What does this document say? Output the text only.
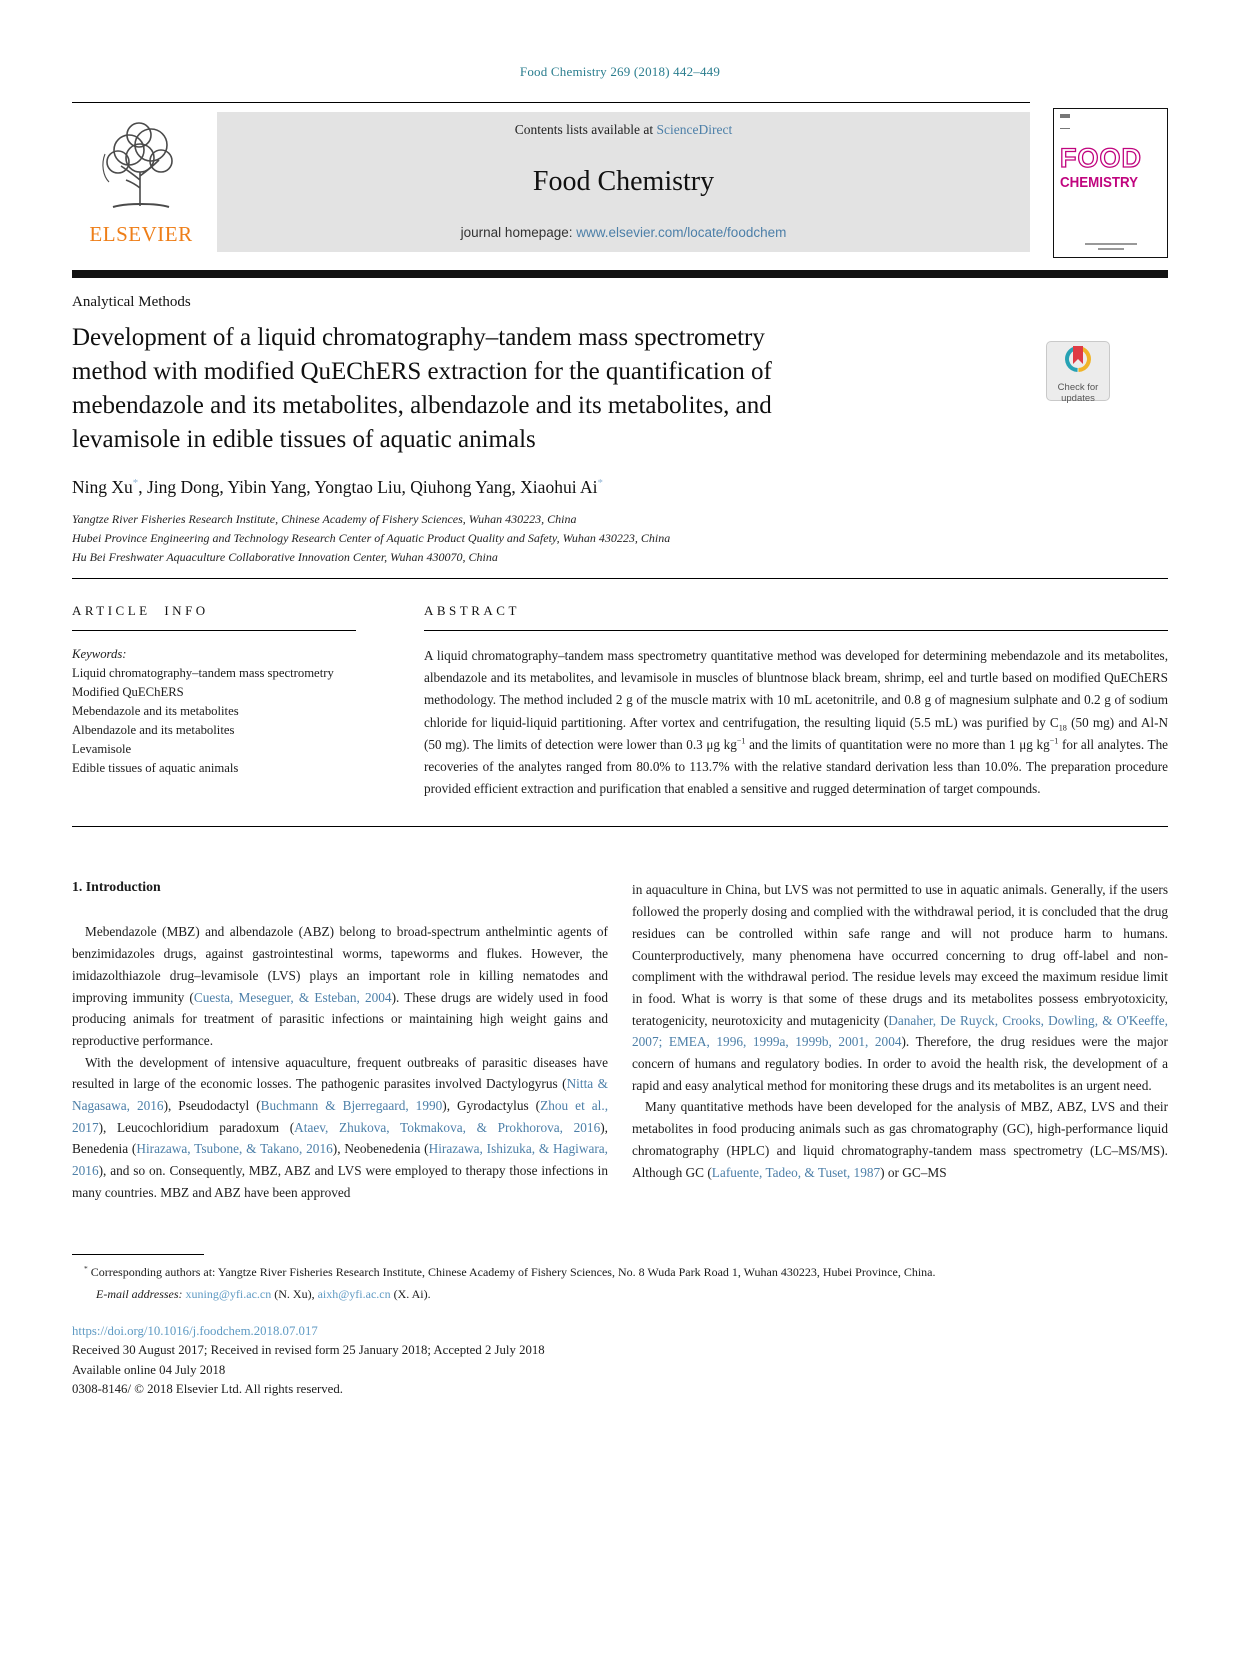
Food Chemistry 269 (2018) 442–449
ELSEVIER
Contents lists available at ScienceDirect
Food Chemistry
journal homepage: www.elsevier.com/locate/foodchem
FOOD
CHEMISTRY
Analytical Methods
Development of a liquid chromatography–tandem mass spectrometry
method with modified QuEChERS extraction for the quantification of
mebendazole and its metabolites, albendazole and its metabolites, and
levamisole in edible tissues of aquatic animals
Check for
updates
Ning Xu*, Jing Dong, Yibin Yang, Yongtao Liu, Qiuhong Yang, Xiaohui Ai*
Yangtze River Fisheries Research Institute, Chinese Academy of Fishery Sciences, Wuhan 430223, China
Hubei Province Engineering and Technology Research Center of Aquatic Product Quality and Safety, Wuhan 430223, China
Hu Bei Freshwater Aquaculture Collaborative Innovation Center, Wuhan 430070, China
ARTICLE INFO
Keywords:
Liquid chromatography–tandem mass spectrometry
Modified QuEChERS
Mebendazole and its metabolites
Albendazole and its metabolites
Levamisole
Edible tissues of aquatic animals
ABSTRACT
A liquid chromatography–tandem mass spectrometry quantitative method was developed for determining mebendazole and its metabolites, albendazole and its metabolites, and levamisole in muscles of bluntnose black bream, shrimp, eel and turtle based on modified QuEChERS methodology. The method included 2 g of the muscle matrix with 10 mL acetonitrile, and 0.8 g of magnesium sulphate and 0.2 g of sodium chloride for liquid-liquid partitioning. After vortex and centrifugation, the resulting liquid (5.5 mL) was purified by $C_{18}$ (50 mg) and Al-N (50 mg). The limits of detection were lower than 0.3 μg $kg^{-1}$ and the limits of quantitation were no more than 1 μg $kg^{-1}$ for all analytes. The recoveries of the analytes ranged from 80.0% to 113.7% with the relative standard derivation less than 10.0%. The preparation procedure provided efficient extraction and purification that enabled a sensitive and rugged determination of target compounds.
1. Introduction

Mebendazole (MBZ) and albendazole (ABZ) belong to broad-spectrum anthelmintic agents of benzimidazoles drugs, against gastrointestinal worms, tapeworms and flukes. However, the imidazolthiazole drug–levamisole (LVS) plays an important role in killing nematodes and improving immunity (Cuesta, Meseguer, & Esteban, 2004). These drugs are widely used in food producing animals for treatment of parasitic infections or maintaining high weight gains and reproductive performance.

With the development of intensive aquaculture, frequent outbreaks of parasitic diseases have resulted in large of the economic losses. The pathogenic parasites involved Dactylogyrus (Nitta & Nagasawa, 2016), Pseudodactyl (Buchmann & Bjerregaard, 1990), Gyrodactylus (Zhou et al., 2017), Leucochloridium paradoxum (Ataev, Zhukova, Tokmakova, & Prokhorova, 2016), Benedenia (Hirazawa, Tsubone, & Takano, 2016), Neobenedenia (Hirazawa, Ishizuka, & Hagiwara, 2016), and so on. Consequently, MBZ, ABZ and LVS were employed to therapy those infections in many countries. MBZ and ABZ have been approved

in aquaculture in China, but LVS was not permitted to use in aquatic animals. Generally, if the users followed the properly dosing and complied with the withdrawal period, it is concluded that the drug residues can be controlled within safe range and will not produce harm to humans. Counterproductively, many phenomena have occurred concerning to drug off-label and non-compliment with the withdrawal period. The residue levels may exceed the maximum residue limit in food. What is worry is that some of these drugs and its metabolites possess embryotoxicity, teratogenicity, neurotoxicity and mutagenicity (Danaher, De Ruyck, Crooks, Dowling, & O'Keeffe, 2007; EMEA, 1996, 1999a, 1999b, 2001, 2004). Therefore, the drug residues were the major concern of humans and regulatory bodies. In order to avoid the health risk, the development of a rapid and easy analytical method for monitoring these drugs and its metabolites is an urgent need.

Many quantitative methods have been developed for the analysis of MBZ, ABZ, LVS and their metabolites in food producing animals such as gas chromatography (GC), high-performance liquid chromatography (HPLC) and liquid chromatography-tandem mass spectrometry (LC–MS/MS). Although GC (Lafuente, Tadeo, & Tuset, 1987) or GC–MS

* Corresponding authors at: Yangtze River Fisheries Research Institute, Chinese Academy of Fishery Sciences, No. 8 Wuda Park Road 1, Wuhan 430223, Hubei Province, China.
E-mail addresses: xuning@yfi.ac.cn (N. Xu), aixh@yfi.ac.cn (X. Ai).
https://doi.org/10.1016/j.foodchem.2018.07.017
Received 30 August 2017; Received in revised form 25 January 2018; Accepted 2 July 2018
Available online 04 July 2018
0308-8146/ © 2018 Elsevier Ltd. All rights reserved.
